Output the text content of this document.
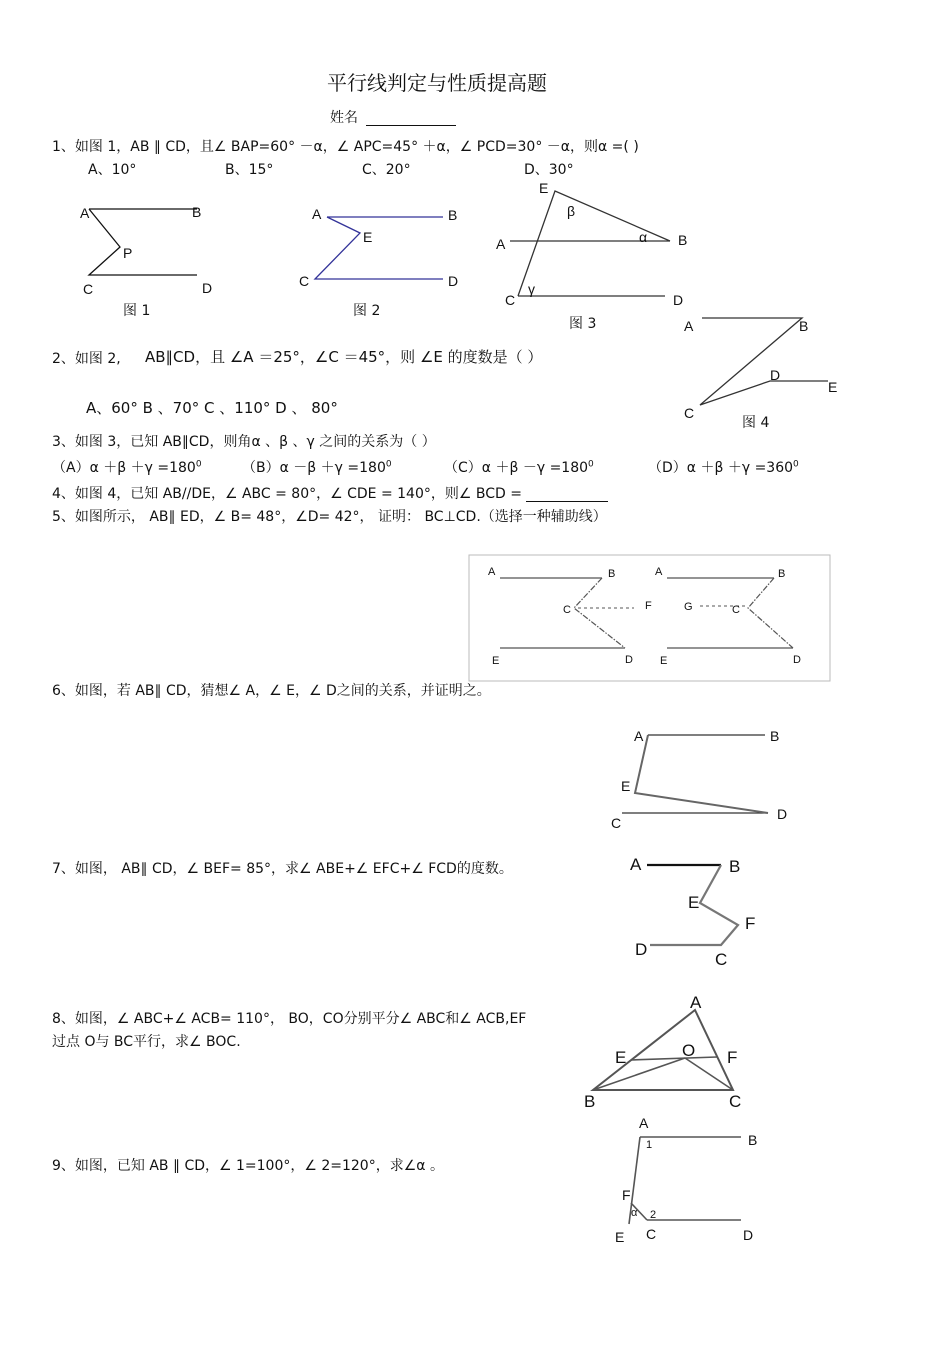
平行线判定与性质提高题
姓名
1、如图 1，AB ∥ CD，且∠ BAP=60° －α，∠ APC=45° ＋α，∠ PCD=30° －α，则α =( )
A、10°	B、15°	C、20°	D、30°
2、如图 2, AB∥CD，且 ∠A ＝25°，∠C ＝45°，则 ∠E 的度数是（ ）
A、60° B 、70° C 、110° D 、 80°
3、如图 3，已知 AB∥CD，则角α 、β 、γ 之间的关系为（ ）
$(A)\alpha +\beta +\gamma =180^0$	$(B)\alpha -\beta +\gamma =180^0$	$(C)\alpha +\beta -\gamma =180^0$	$(D)\alpha +\beta +\gamma =360^0$
4、如图 4，已知 AB//DE，∠ ABC = 80°，∠ CDE = 140°，则∠ BCD =
5、如图所示， AB∥ ED，∠ B= 48°，∠D= 42°， 证明： BC⊥CD.（选择一种辅助线）
6、如图，若 AB∥ CD，猜想∠ A，∠ E，∠ D之间的关系，并证明之。
7、如图， AB∥ CD，∠ BEF= 85°，求∠ ABE+∠ EFC+∠ FCD的度数。
8、如图，∠ ABC+∠ ACB= 110°， BO，CO分别平分∠ ABC和∠ ACB,EF
过点 O与 BC平行，求∠ BOC.
9、如图，已知 AB ∥ CD，∠ 1=100°，∠ 2=120°，求∠α 。
A	B
P
C	D
图 1
A	B
E
C	D
图 2
E
β
α
A	B
γ
C	D
图 3	A	B
D
E
C
图 4
A	B
C	F
E	D
A	B
G	C
E	D
A	B
E
C
D
A	B
E
F
D
C
A
E	O F
B	C
A
1	B
F
α 2
E C	D
